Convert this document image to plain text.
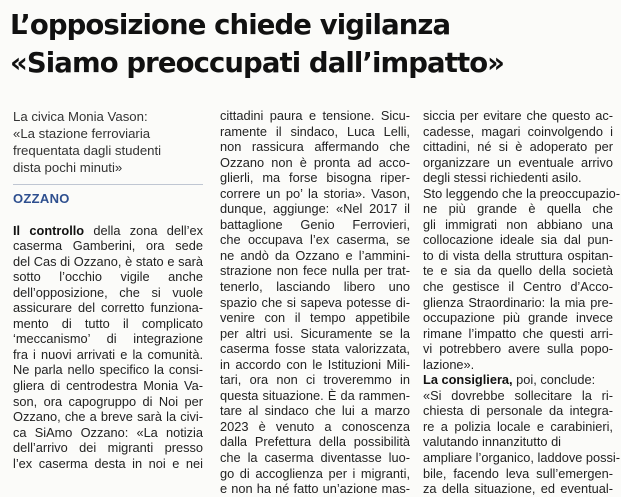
L’opposizione chiede vigilanza
«Siamo preoccupati dall’impatto»
La civica Monia Vason:
«La stazione ferroviaria
frequentata dagli studenti
dista pochi minuti»
OZZANO
Il controllo della zona dell’ex
caserma Gamberini, ora sede
del Cas di Ozzano, è stato e sarà
sotto l’occhio vigile anche
dell’opposizione, che si vuole
assicurare del corretto funziona-
mento di tutto il complicato
‘meccanismo’ di integrazione
fra i nuovi arrivati e la comunità.
Ne parla nello specifico la consi-
gliera di centrodestra Monia Va-
son, ora capogruppo di Noi per
Ozzano, che a breve sarà la civi-
ca SiAmo Ozzano: «La notizia
dell’arrivo dei migranti presso
l’ex caserma desta in noi e nei
cittadini paura e tensione. Sicu-
ramente il sindaco, Luca Lelli,
non rassicura affermando che
Ozzano non è pronta ad acco-
glierli, ma forse bisogna riper-
correre un po’ la storia». Vason,
dunque, aggiunge: «Nel 2017 il
battaglione Genio Ferrovieri,
che occupava l’ex caserma, se
ne andò da Ozzano e l’ammini-
strazione non fece nulla per trat-
tenerlo, lasciando libero uno
spazio che si sapeva potesse di-
venire con il tempo appetibile
per altri usi. Sicuramente se la
caserma fosse stata valorizzata,
in accordo con le Istituzioni Mili-
tari, ora non ci troveremmo in
questa situazione. È da rammen-
tare al sindaco che lui a marzo
2023 è venuto a conoscenza
dalla Prefettura della possibilità
che la caserma diventasse luo-
go di accoglienza per i migranti,
e non ha né fatto un’azione mas-
siccia per evitare che questo ac-
cadesse, magari coinvolgendo i
cittadini, né si è adoperato per
organizzare un eventuale arrivo
degli stessi richiedenti asilo.
Sto leggendo che la preoccupazio-
ne più grande è quella che
gli immigrati non abbiano una
collocazione ideale sia dal pun-
to di vista della struttura ospitan-
te e sia da quello della società
che gestisce il Centro d’Acco-
glienza Straordinario: la mia pre-
occupazione più grande invece
rimane l’impatto che questi arri-
vi potrebbero avere sulla popo-
lazione».
La consigliera, poi, conclude:
«Si dovrebbe sollecitare la ri-
chiesta di personale da integra-
re a polizia locale e carabinieri,
valutando innanzitutto di
ampliare l’organico, laddove possi-
bile, facendo leva sull’emergen-
za della situazione, ed eventual-
